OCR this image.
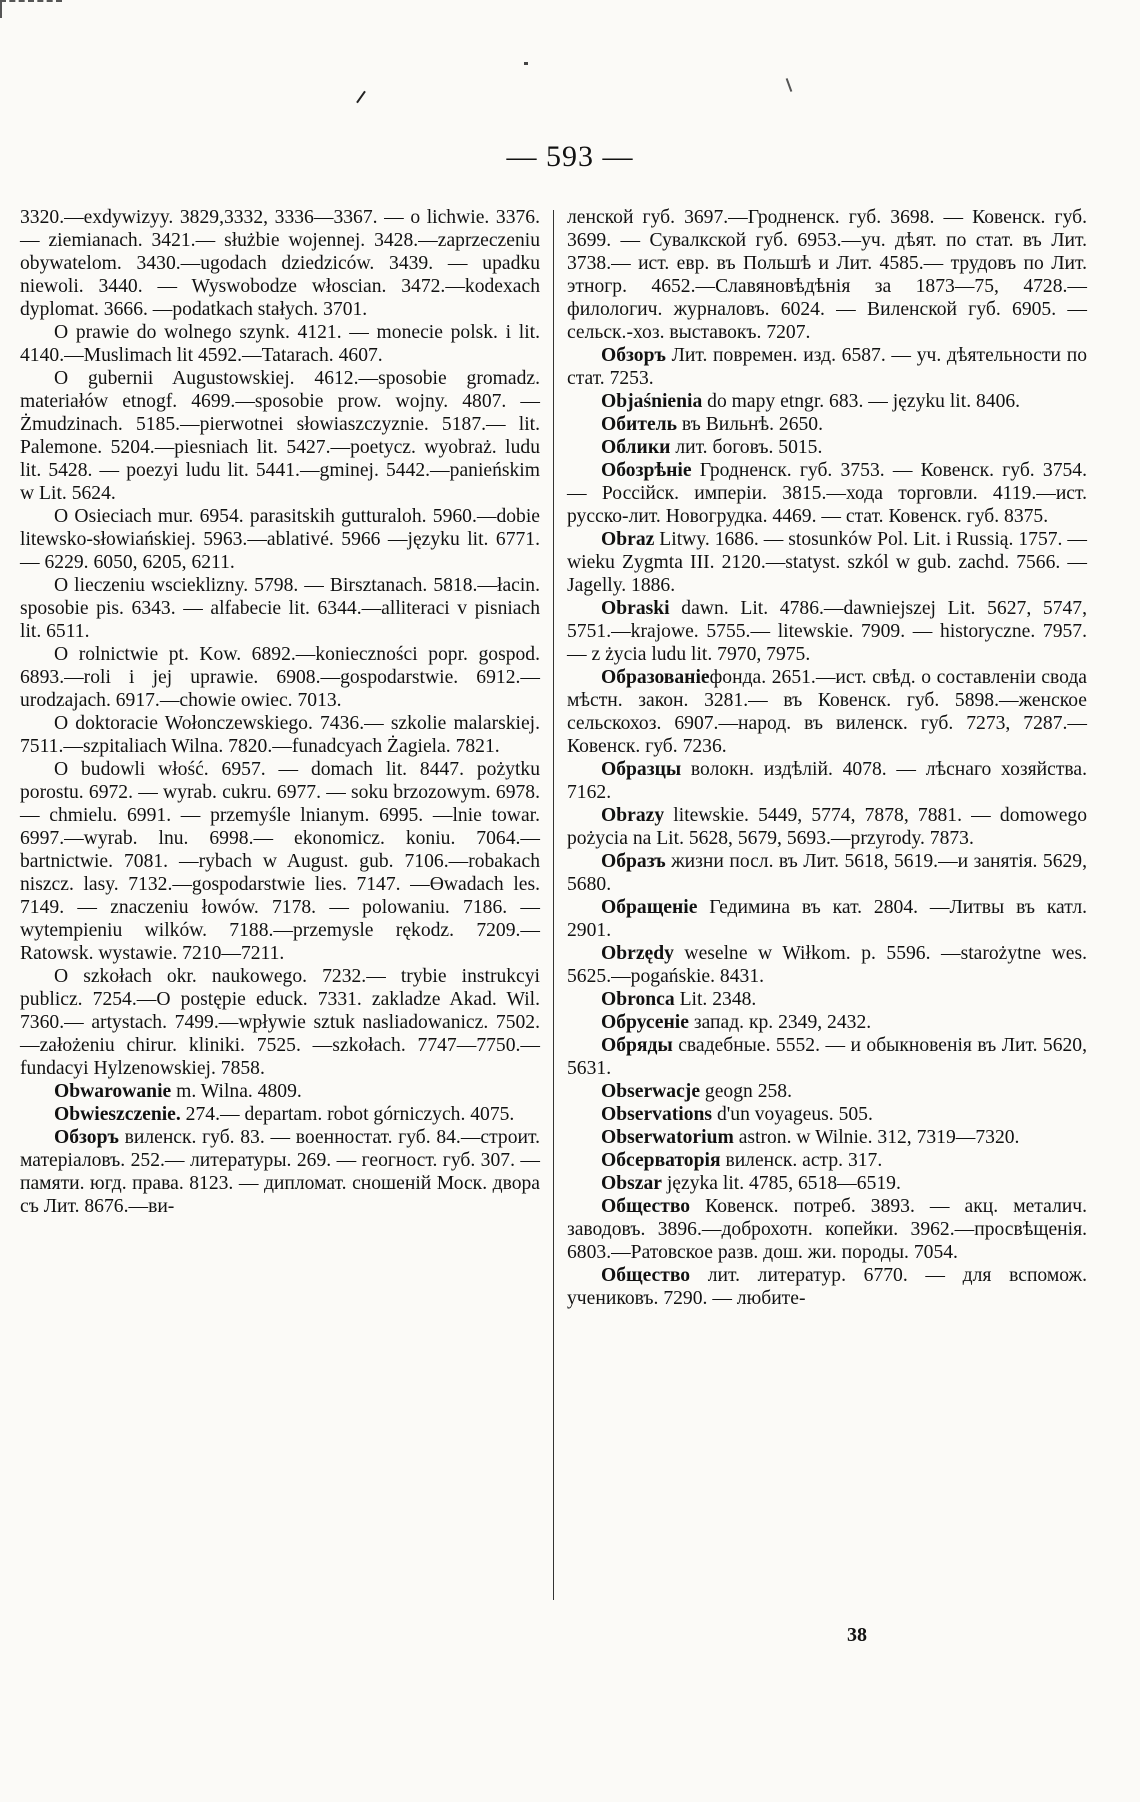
— 593 —

3320.—exdywizyy. 3829,3332, 3336—3367. — o lichwie. 3376. — ziemianach. 3421.— służbie wojennej. 3428.—zaprzeczeniu obywatelom. 3430.—ugodach dziedziców. 3439. — upadku niewoli. 3440. — Wyswobodze włoscian. 3472.—kodexach dyplomat. 3666. —podatkach stałych. 3701.

O prawie do wolnego szynk. 4121. — monecie polsk. i lit. 4140.—Muslimach lit 4592.—Tatarach. 4607.

O gubernii Augustowskiej. 4612.—sposobie gromadz. materiałów etnogf. 4699.—sposobie prow. wojny. 4807. — Żmudzinach. 5185.—pierwotnei słowiaszczyznie. 5187.— lit. Palemone. 5204.—piesniach lit. 5427.—poetycz. wyobraż. ludu lit. 5428. — poezyi ludu lit. 5441.—gminej. 5442.—panieńskim w Lit. 5624.

O Osieciach mur. 6954. parasitskih gutturaloh. 5960.—dobie litewsko-słowiańskiej. 5963.—ablativé. 5966 —języku lit. 6771.— 6229. 6050, 6205, 6211.

O lieczeniu wscieklizny. 5798. — Birsztanach. 5818.—łacin. sposobie pis. 6343. — alfabecie lit. 6344.—alliteraci v pisniach lit. 6511.

O rolnictwie pt. Kow. 6892.—konieczności popr. gospod. 6893.—roli i jej uprawie. 6908.—gospodarstwie. 6912.—urodzajach. 6917.—chowie owiec. 7013.

O doktoracie Wołonczewskiego. 7436.— szkolie malarskiej. 7511.—szpitaliach Wilna. 7820.—funadcyach Żagiela. 7821.

O budowli włość. 6957. — domach lit. 8447. pożytku porostu. 6972. — wyrab. cukru. 6977. — soku brzozowym. 6978.— chmielu. 6991. — przemyśle lnianym. 6995. —lnie towar. 6997.—wyrab. lnu. 6998.— ekonomicz. koniu. 7064.—bartnictwie. 7081. —rybach w August. gub. 7106.—robakach niszcz. lasy. 7132.—gospodarstwie lies. 7147. —Өwadach les. 7149. — znaczeniu łowów. 7178. — polowaniu. 7186. — wytempieniu wilków. 7188.—przemysle rękodz. 7209.— Ratowsk. wystawie. 7210—7211.

O szkołach okr. naukowego. 7232.— trybie instrukcyi publicz. 7254.—O postępie educk. 7331. zakladze Akad. Wil. 7360.— artystach. 7499.—wpływie sztuk nasliadowanicz. 7502.—założeniu chirur. kliniki. 7525. —szkołach. 7747—7750.—fundacyi Hylzenowskiej. 7858.

Obwarowanie m. Wilna. 4809.

Obwieszczenie. 274.— departam. robot górniczych. 4075.

Обзоръ виленск. губ. 83. — военностат. губ. 84.—строит. матеріаловъ. 252.— литературы. 269. — геогност. губ. 307. — памяти. югд. права. 8123. — дипломат. сношеній Моск. двора съ Лит. 8676.—ви-

ленской губ. 3697.—Гродненск. губ. 3698. — Ковенск. губ. 3699. — Сувалкской губ. 6953.—уч. дѣят. по стат. въ Лит. 3738.— ист. евр. въ Польшѣ и Лит. 4585.— трудовъ по Лит. этногр. 4652.—Славяновѣдѣнія за 1873—75, 4728.—филологич. журналовъ. 6024. — Виленской губ. 6905. — сельск.-хоз. выставокъ. 7207.

Обзоръ Лит. повремен. изд. 6587. — уч. дѣятельности по стат. 7253.

Objaśnienia do mapy etngr. 683. — języku lit. 8406.

Обитель въ Вильнѣ. 2650.

Облики лит. боговъ. 5015.

Обозрѣніе Гродненск. губ. 3753. — Ковенск. губ. 3754. — Россійск. имперіи. 3815.—хода торговли. 4119.—ист. русско-лит. Новогрудка. 4469. — стат. Ковенск. губ. 8375.

Obraz Litwy. 1686. — stosunków Pol. Lit. i Russią. 1757. — wieku Zygmta III. 2120.—statyst. szkól w gub. zachd. 7566. —Jagelly. 1886.

Obraski dawn. Lit. 4786.—dawniejszej Lit. 5627, 5747, 5751.—krajowe. 5755.— litewskie. 7909. — historyczne. 7957. — z życia ludu lit. 7970, 7975.

Образованіефонда. 2651.—ист. свѣд. о составленіи свода мѣстн. закон. 3281.— въ Ковенск. губ. 5898.—женское сельскохоз. 6907.—народ. въ виленск. губ. 7273, 7287.—Ковенск. губ. 7236.

Образцы волокн. издѣлій. 4078. — лѣснаго хозяйства. 7162.

Obrazy litewskie. 5449, 5774, 7878, 7881. — domowego pożycia na Lit. 5628, 5679, 5693.—przyrody. 7873.

Образъ жизни посл. въ Лит. 5618, 5619.—и занятія. 5629, 5680.

Обращеніе Гедимина въ кат. 2804. —Литвы въ катл. 2901.

Obrzędy weselne w Wiłkom. p. 5596. —starożytne wes. 5625.—pogańskie. 8431.

Obronca Lit. 2348.

Обрусеніе запад. кр. 2349, 2432.

Обряды свадебные. 5552. — и обыкновенія въ Лит. 5620, 5631.

Obserwacje geogn 258.

Observations d'un voyageus. 505.

Obserwatorium astron. w Wilnie. 312, 7319—7320.

Обсерваторія виленск. астр. 317.

Obszar języka lit. 4785, 6518—6519.

Общество Ковенск. потреб. 3893. — акц. металич. заводовъ. 3896.—доброхотн. копейки. 3962.—просвѣщенія. 6803.—Ратовское разв. дош. жи. породы. 7054.

Общество лит. литератур. 6770. — для вспомож. учениковъ. 7290. — любите-

38
